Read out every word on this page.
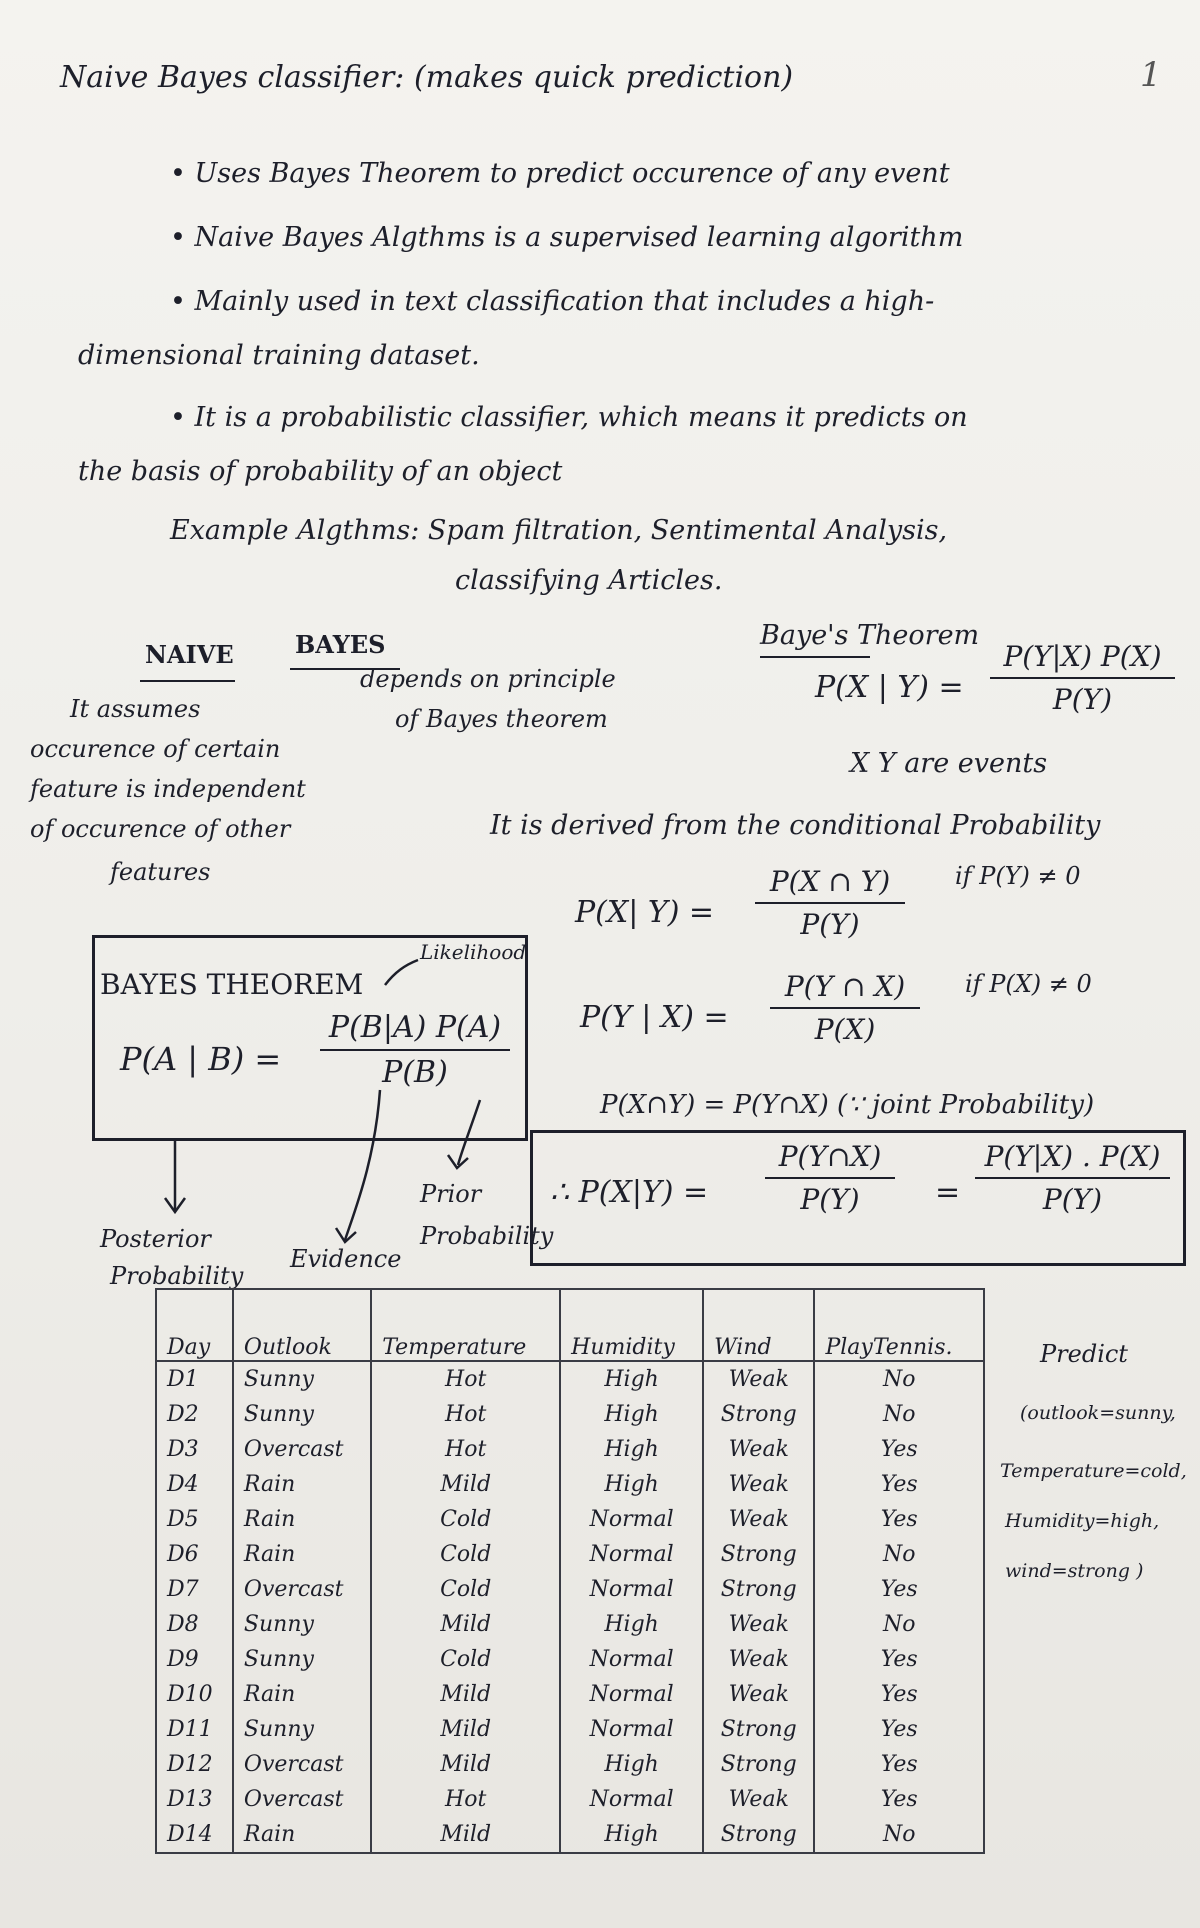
1
Naive Bayes classifier: (makes quick prediction)
• Uses Bayes Theorem to predict occurence of any event
• Naive Bayes Algthms is a supervised learning algorithm
• Mainly used in text classification that includes a high-
dimensional training dataset.
• It is a probabilistic classifier, which means it predicts on
the basis of probability of an object
Example Algthms: Spam filtration, Sentimental Analysis,
classifying Articles.
NAIVE	BAYES
It assumes
occurence of certain
feature is independent
of occurence of other
features
depends on principle
of Bayes theorem
Baye's Theorem
P(X | Y) =
P(Y|X) P(X)
P(Y)
X Y are events
It is derived from the conditional Probability
P(X| Y) =
P(X ∩ Y)
P(Y)
if P(Y) ≠ 0
P(Y | X) =
P(Y ∩ X)
P(X)
if P(X) ≠ 0
P(X∩Y) = P(Y∩X) (∵ joint Probability)
∴ P(X|Y) =
P(Y∩X)
P(Y)	=
P(Y|X) . P(X)
P(Y)
BAYES THEOREM
Likelihood
P(A | B) =
P(B|A) P(A)
P(B)
Prior
Probability
Posterior
Probability
Evidence
Day	Outlook	Temperature	Humidity	Wind	PlayTennis.
D1	Sunny	Hot	High	Weak	No
D2	Sunny	Hot	High	Strong	No
D3	Overcast	Hot	High	Weak	Yes
D4	Rain	Mild	High	Weak	Yes
D5	Rain	Cold	Normal	Weak	Yes
D6	Rain	Cold	Normal	Strong	No
D7	Overcast	Cold	Normal	Strong	Yes
D8	Sunny	Mild	High	Weak	No
D9	Sunny	Cold	Normal	Weak	Yes
D10	Rain	Mild	Normal	Weak	Yes
D11	Sunny	Mild	Normal	Strong	Yes
D12	Overcast	Mild	High	Strong	Yes
D13	Overcast	Hot	Normal	Weak	Yes
D14	Rain	Mild	High	Strong	No
Predict
(outlook=sunny,
Temperature=cold,
Humidity=high,
wind=strong )
